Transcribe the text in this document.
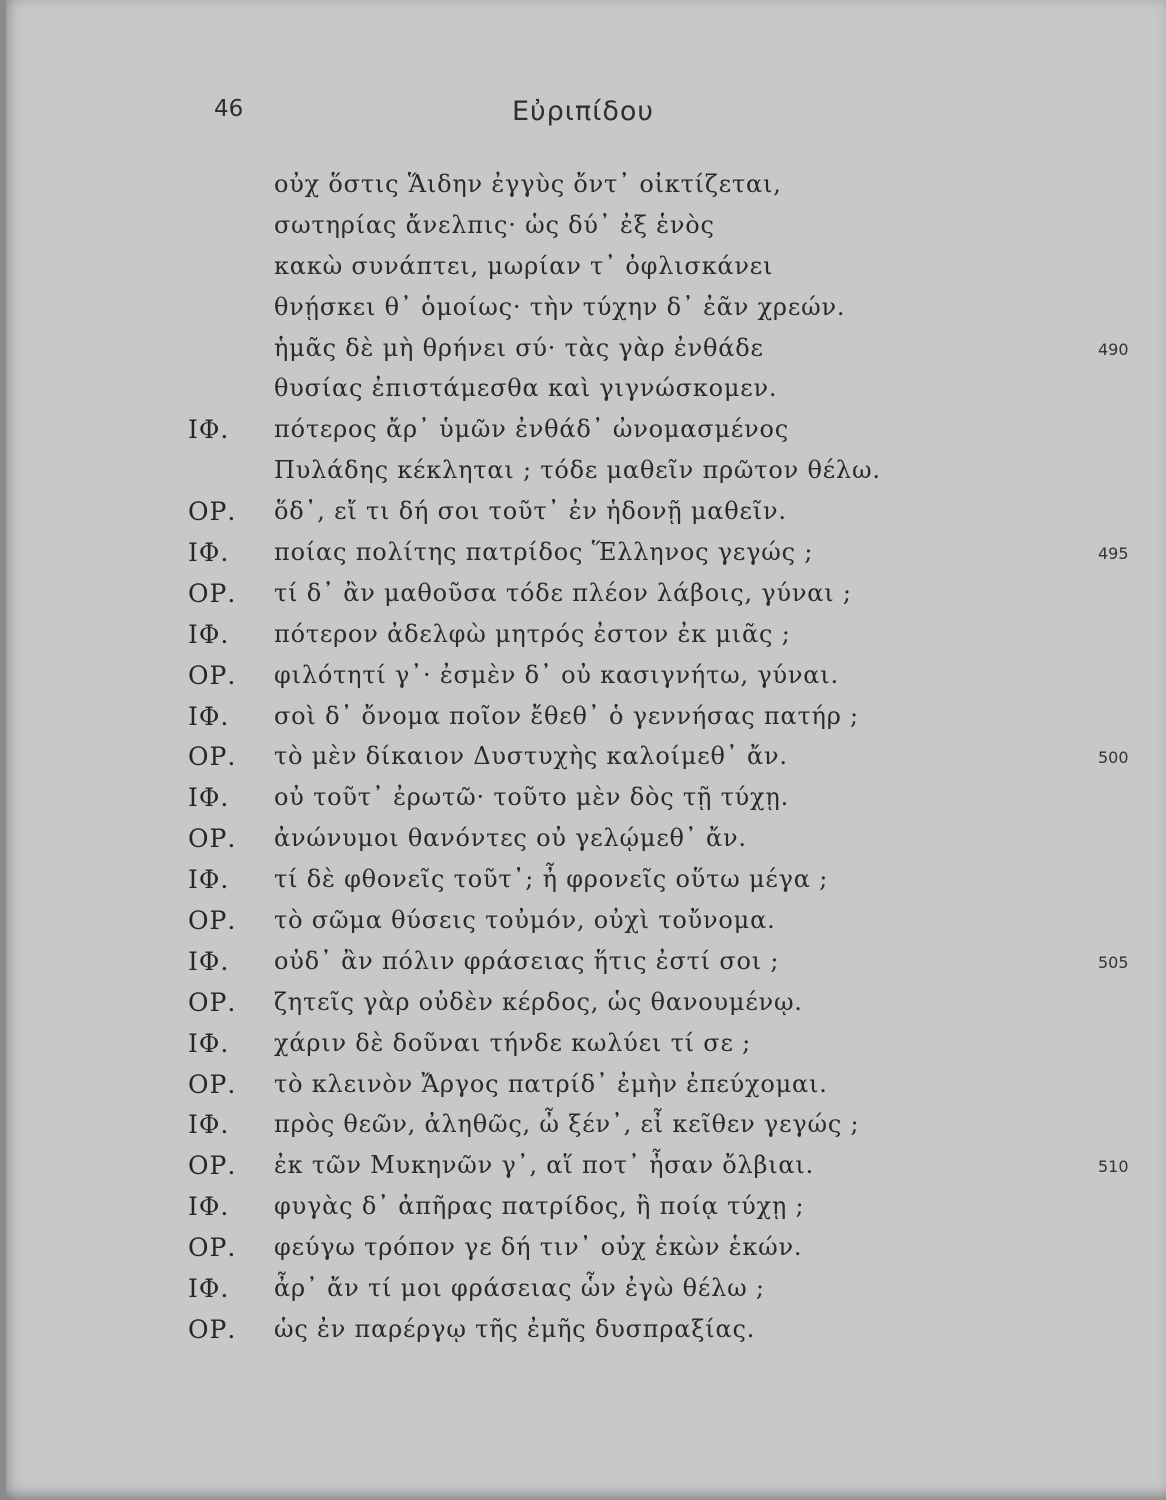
46	Εὐριπίδου
οὐχ ὅστις Ἅιδην ἐγγὺς ὄντ᾽ οἰκτίζεται,
σωτηρίας ἄνελπις· ὡς δύ᾽ ἐξ ἑνὸς
κακὼ συνάπτει, μωρίαν τ᾽ ὀφλισκάνει
θνῄσκει θ᾽ ὁμοίως· τὴν τύχην δ᾽ ἐᾶν χρεών.
ἡμᾶς δὲ μὴ θρήνει σύ· τὰς γὰρ ἐνθάδε	490
θυσίας ἐπιστάμεσθα καὶ γιγνώσκομεν.
ΙΦ. πότερος ἄρ᾽ ὑμῶν ἐνθάδ᾽ ὠνομασμένος
Πυλάδης κέκληται ; τόδε μαθεῖν πρῶτον θέλω.
ΟΡ. ὅδ᾽, εἴ τι δή σοι τοῦτ᾽ ἐν ἡδονῇ μαθεῖν.
ΙΦ. ποίας πολίτης πατρίδος Ἕλληνος γεγώς ;	495
ΟΡ. τί δ᾽ ἂν μαθοῦσα τόδε πλέον λάβοις, γύναι ;
ΙΦ. πότερον ἀδελφὼ μητρός ἐστον ἐκ μιᾶς ;
ΟΡ. φιλότητί γ᾽· ἐσμὲν δ᾽ οὐ κασιγνήτω, γύναι.
ΙΦ. σοὶ δ᾽ ὄνομα ποῖον ἔθεθ᾽ ὁ γεννήσας πατήρ ;
ΟΡ. τὸ μὲν δίκαιον Δυστυχὴς καλοίμεθ᾽ ἄν.	500
ΙΦ. οὐ τοῦτ᾽ ἐρωτῶ· τοῦτο μὲν δὸς τῇ τύχῃ.
ΟΡ. ἀνώνυμοι θανόντες οὐ γελῴμεθ᾽ ἄν.
ΙΦ. τί δὲ φθονεῖς τοῦτ᾽; ἦ φρονεῖς οὕτω μέγα ;
ΟΡ. τὸ σῶμα θύσεις τοὐμόν, οὐχὶ τοὔνομα.
ΙΦ. οὐδ᾽ ἂν πόλιν φράσειας ἥτις ἐστί σοι ;	505
ΟΡ. ζητεῖς γὰρ οὐδὲν κέρδος, ὡς θανουμένῳ.
ΙΦ. χάριν δὲ δοῦναι τήνδε κωλύει τί σε ;
ΟΡ. τὸ κλεινὸν Ἄργος πατρίδ᾽ ἐμὴν ἐπεύχομαι.
ΙΦ. πρὸς θεῶν, ἀληθῶς, ὦ ξέν᾽, εἶ κεῖθεν γεγώς ;
ΟΡ. ἐκ τῶν Μυκηνῶν γ᾽, αἵ ποτ᾽ ἦσαν ὄλβιαι.	510
ΙΦ. φυγὰς δ᾽ ἀπῆρας πατρίδος, ἢ ποίᾳ τύχῃ ;
ΟΡ. φεύγω τρόπον γε δή τιν᾽ οὐχ ἑκὼν ἑκών.
ΙΦ. ἆρ᾽ ἄν τί μοι φράσειας ὧν ἐγὼ θέλω ;
ΟΡ. ὡς ἐν παρέργῳ τῆς ἐμῆς δυσπραξίας.
